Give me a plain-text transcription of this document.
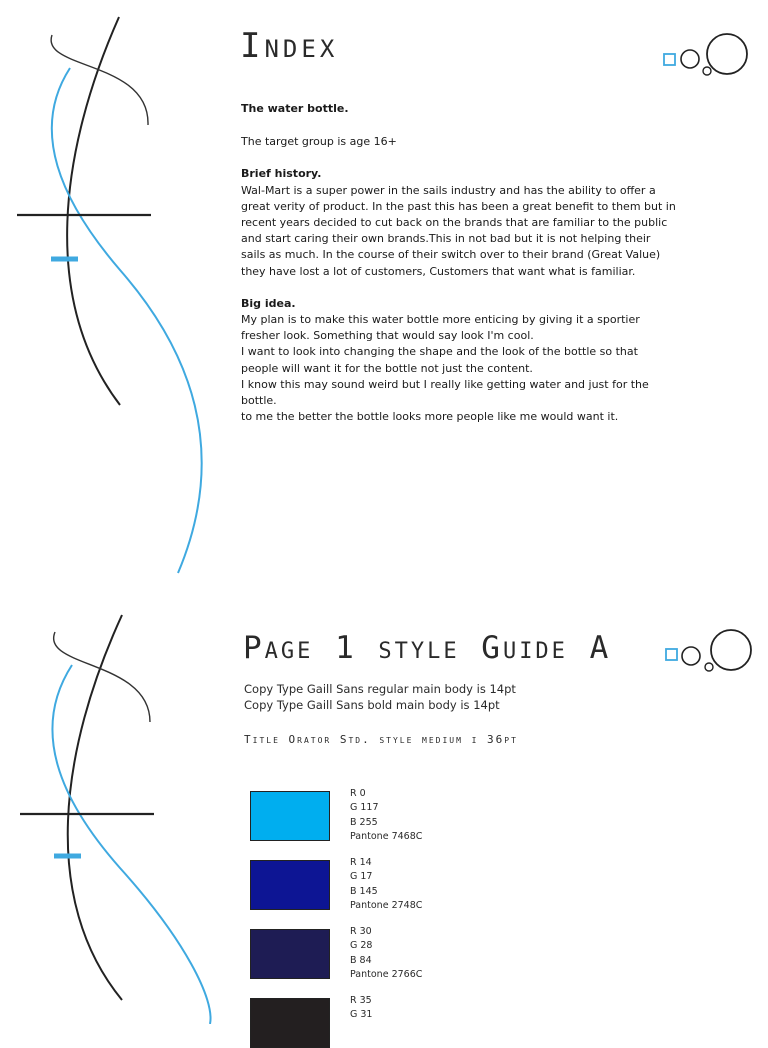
Index

The water bottle.

The target group is age 16+

Brief history.

Wal-Mart is a super power in the sails industry and has the ability to offer a

great verity of product. In the past this has been a great benefit to them but in

recent years decided to cut back on the brands that are familiar to the public

and start caring their own brands.This in not bad but it is not helping their

sails as much. In the course of their switch over to their brand (Great Value)

they have lost a lot of customers, Customers that want what is familiar.

Big idea.

My plan is to make this water bottle more enticing by giving it a sportier

fresher look. Something that would say look I'm cool.

I want to look into changing the shape and the look of the bottle so that

people will want it for the bottle not just the content.

I know this may sound weird but I really like getting water and just for the

bottle.

to me the better the bottle looks more people like me would want it.

Page 1 style Guide A
Copy Type Gaill Sans regular main body is 14pt
Copy Type Gaill Sans bold main body is 14pt
Title Orator Std. style medium i 36pt
R 0
G 117
B 255
Pantone 7468C
R 14
G 17
B 145
Pantone 2748C
R 30
G 28
B 84
Pantone 2766C
R 35
G 31
